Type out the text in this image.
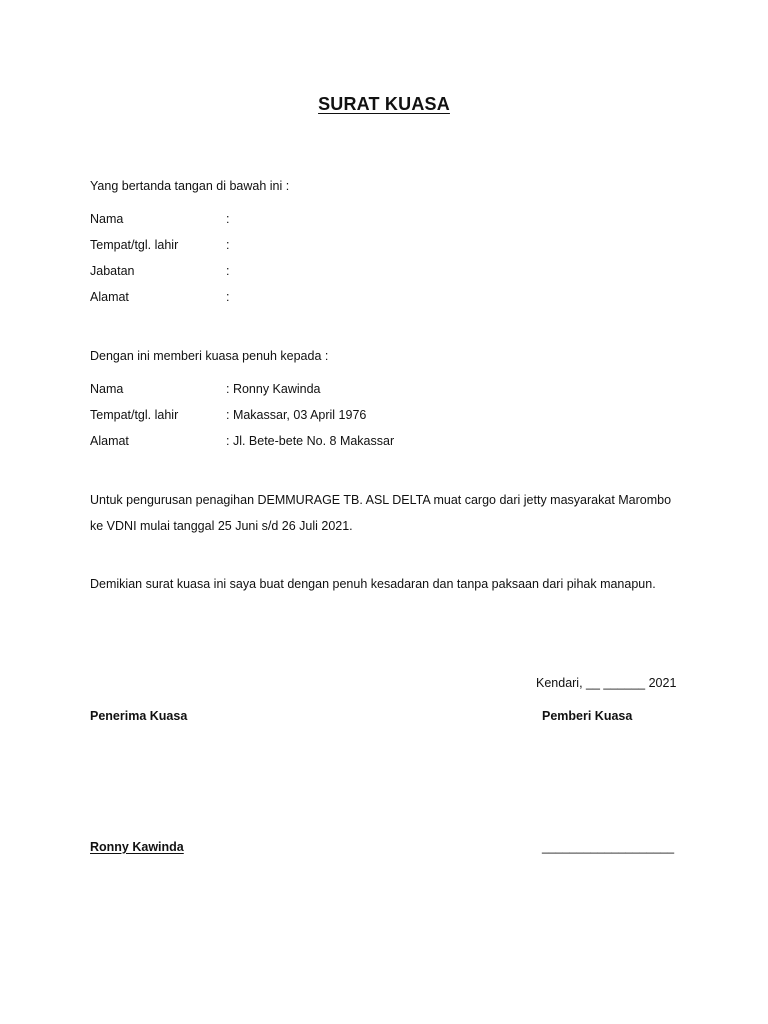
SURAT KUASA
Yang bertanda tangan di bawah ini :
Nama	:
Tempat/tgl. lahir	:
Jabatan	:
Alamat	:
Dengan ini memberi kuasa penuh kepada :
Nama	: Ronny Kawinda
Tempat/tgl. lahir	: Makassar, 03 April 1976
Alamat	: Jl. Bete-bete No. 8 Makassar
Untuk pengurusan penagihan DEMMURAGE TB. ASL DELTA muat cargo dari jetty masyarakat Marombo ke VDNI mulai tanggal 25 Juni s/d 26 Juli 2021.
Demikian surat kuasa ini saya buat dengan penuh kesadaran dan tanpa paksaan dari pihak manapun.
Kendari, __ ______ 2021
Penerima Kuasa	Pemberi Kuasa
Ronny Kawinda	___________________
